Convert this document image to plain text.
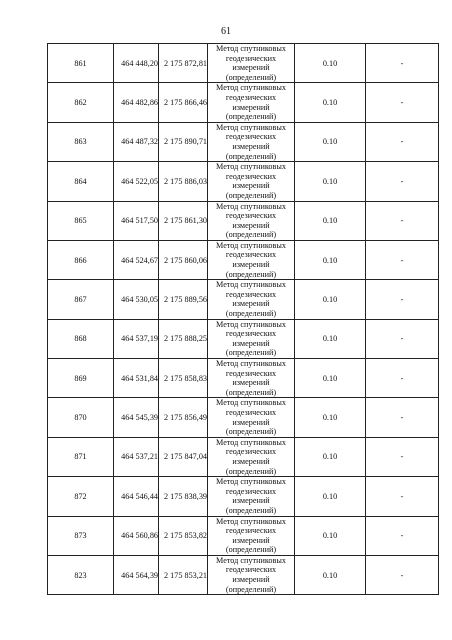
61
861	464 448,20	2 175 872,81	Метод спутниковых
геодезических измерений
(определений)	0.10	-
862	464 482,86	2 175 866,46	Метод спутниковых
геодезических измерений
(определений)	0.10	-
863	464 487,32	2 175 890,71	Метод спутниковых
геодезических измерений
(определений)	0.10	-
864	464 522,05	2 175 886,03	Метод спутниковых
геодезических измерений
(определений)	0.10	-
865	464 517,50	2 175 861,30	Метод спутниковых
геодезических измерений
(определений)	0.10	-
866	464 524,67	2 175 860,06	Метод спутниковых
геодезических измерений
(определений)	0.10	-
867	464 530,05	2 175 889,56	Метод спутниковых
геодезических измерений
(определений)	0.10	-
868	464 537,19	2 175 888,25	Метод спутниковых
геодезических измерений
(определений)	0.10	-
869	464 531,84	2 175 858,83	Метод спутниковых
геодезических измерений
(определений)	0.10	-
870	464 545,39	2 175 856,49	Метод спутниковых
геодезических измерений
(определений)	0.10	-
871	464 537,21	2 175 847,04	Метод спутниковых
геодезических измерений
(определений)	0.10	-
872	464 546,44	2 175 838,39	Метод спутниковых
геодезических измерений
(определений)	0.10	-
873	464 560,86	2 175 853,82	Метод спутниковых
геодезических измерений
(определений)	0.10	-
823	464 564,39	2 175 853,21	Метод спутниковых
геодезических измерений
(определений)	0.10	-
